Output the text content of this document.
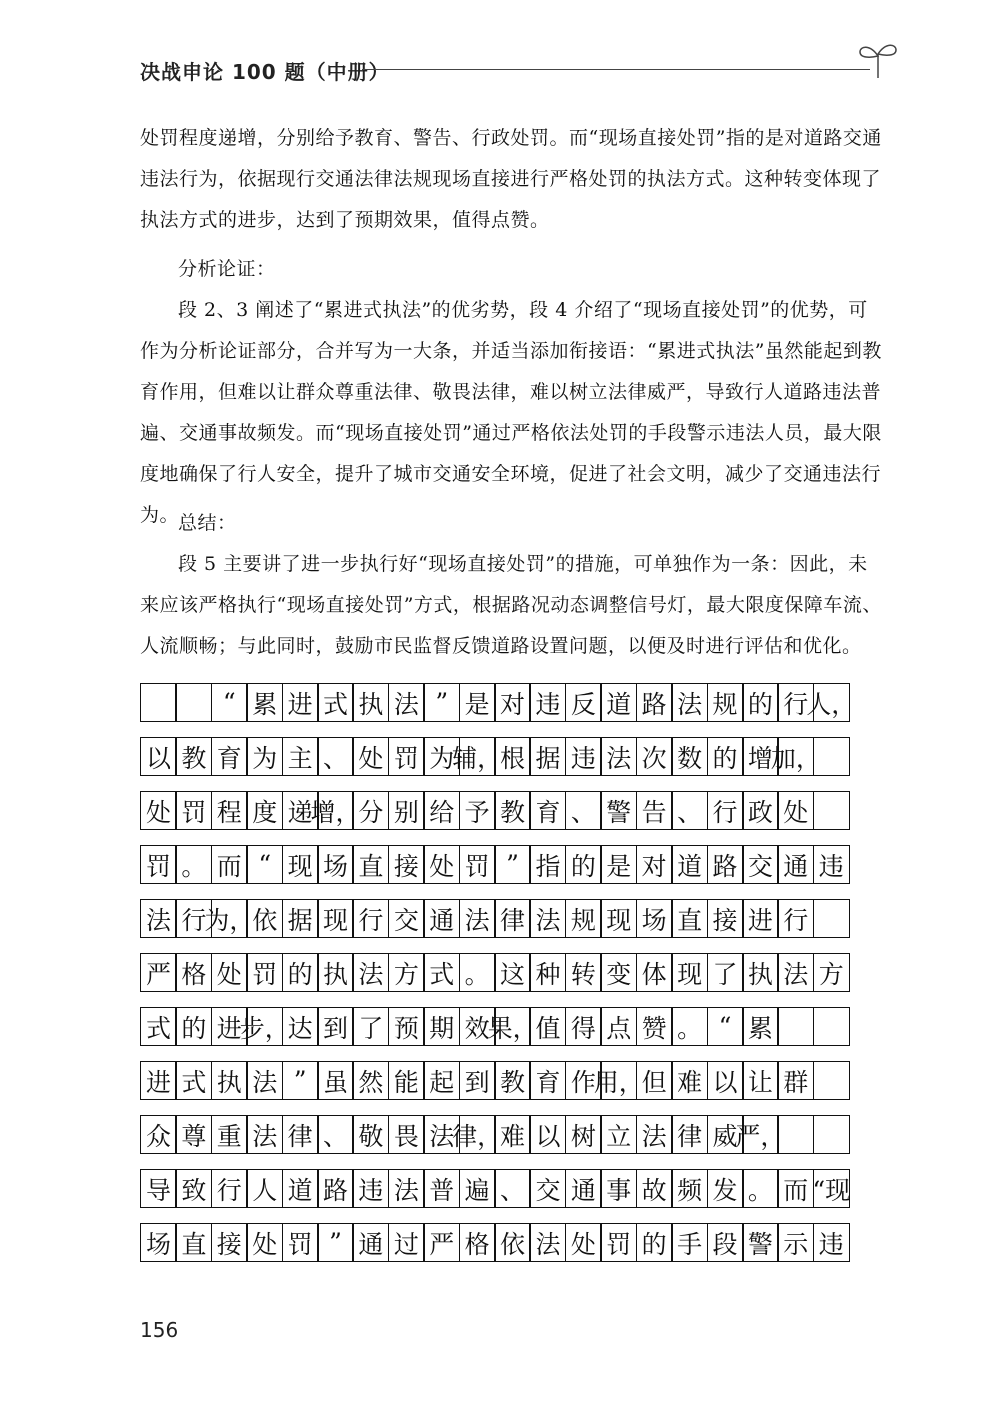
决战申论 100 题（中册）

处罚程度递增，分别给予教育、警告、行政处罚。而“现场直接处罚”指的是对道路交通违法行为，依据现行交通法律法规现场直接进行严格处罚的执法方式。这种转变体现了执法方式的进步，达到了预期效果，值得点赞。

分析论证：

段 2、3 阐述了“累进式执法”的优劣势，段 4 介绍了“现场直接处罚”的优势，可作为分析论证部分，合并写为一大条，并适当添加衔接语：“累进式执法”虽然能起到教育作用，但难以让群众尊重法律、敬畏法律，难以树立法律威严，导致行人道路违法普遍、交通事故频发。而“现场直接处罚”通过严格依法处罚的手段警示违法人员，最大限度地确保了行人安全，提升了城市交通安全环境，促进了社会文明，减少了交通违法行为。

总结：

段 5 主要讲了进一步执行好“现场直接处罚”的措施，可单独作为一条：因此，未来应该严格执行“现场直接处罚”方式，根据路况动态调整信号灯，最大限度保障车流、人流顺畅；与此同时，鼓励市民监督反馈道路设置问题，以便及时进行评估和优化。

“ 累 进 式 执 法 ” 是 对 违 反 道 路 法 规 的 行
人，
以 教 育 为 主 、 处 罚 为
辅，
根 据 违 法 次 数 的 增
加，
处 罚 程 度 递
增，
分 别 给 予 教 育 、 警 告 、 行 政 处
罚 。 而 “ 现 场 直 接 处 罚 ” 指 的 是 对 道 路 交 通 违
法 行
为，
依 据 现 行 交 通 法 律 法 规 现 场 直 接 进 行
严 格 处 罚 的 执 法 方 式 。 这 种 转 变 体 现 了 执 法 方
式 的 进
步，
达 到 了 预 期 效
果，
值 得 点 赞 。 “ 累
进 式 执 法 ” 虽 然 能 起 到 教 育 作
用，
但 难 以 让 群
众 尊 重 法 律 、 敬 畏 法
律，
难 以 树 立 法 律 威
严，
导 致 行 人 道 路 违 法 普 遍 、 交 通 事 故 频 发 。 而 “现
场 直 接 处 罚 ” 通 过 严 格 依 法 处 罚 的 手 段 警 示 违
156
